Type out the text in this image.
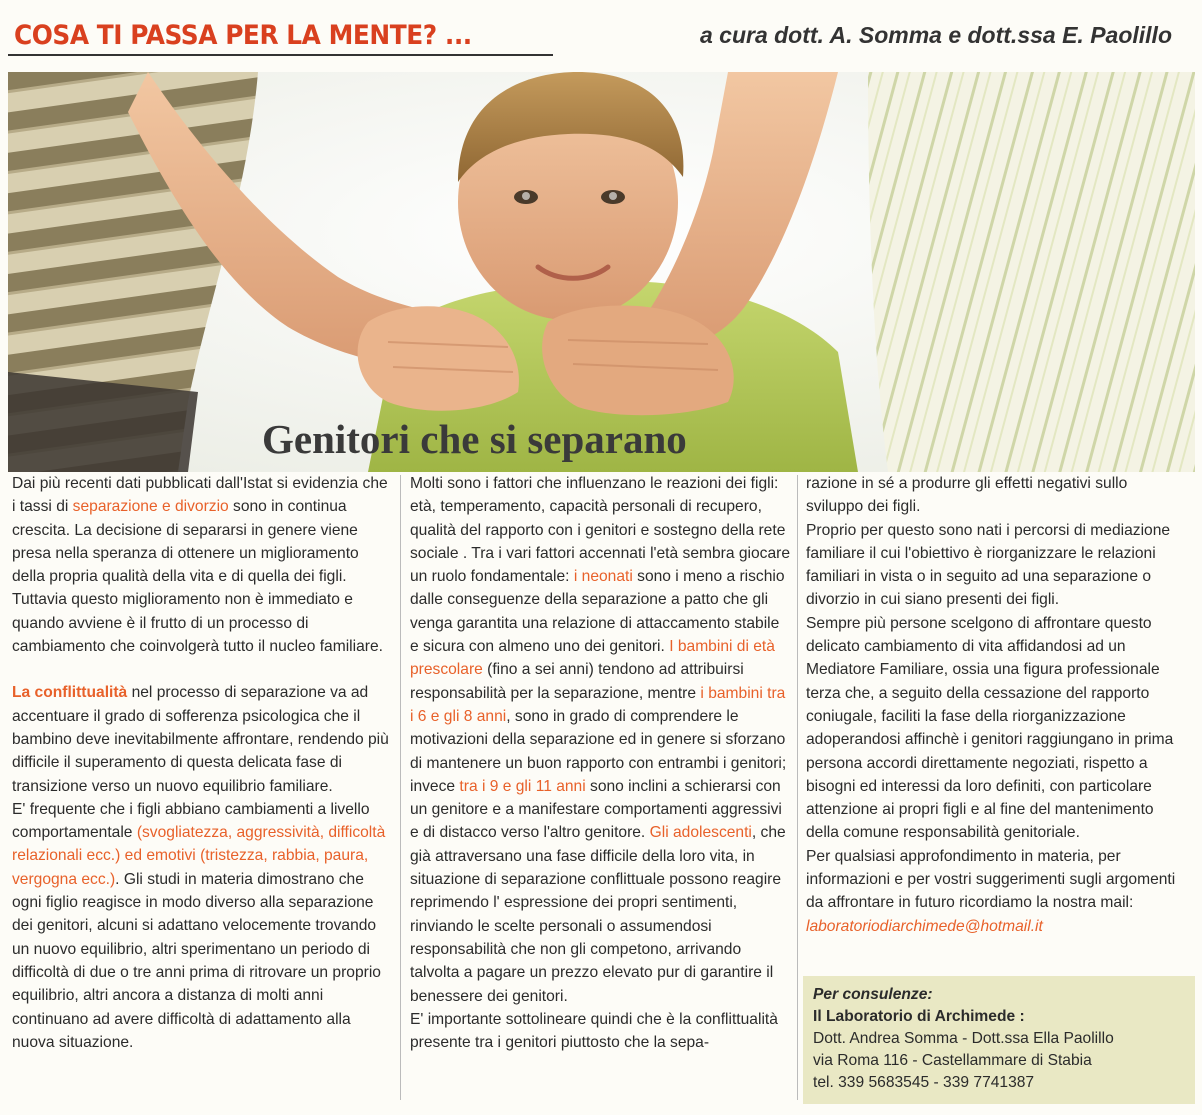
COSA TI PASSA PER LA MENTE? ...	a cura dott. A. Somma e dott.ssa E. Paolillo
Genitori che si separano

Dai più recenti dati pubblicati dall'Istat si evidenzia che i tassi di separazione e divorzio sono in continua crescita. La decisione di separarsi in genere viene presa nella speranza di ottenere un miglioramento della propria qualità della vita e di quella dei figli. Tuttavia questo miglioramento non è immediato e quando avviene è il frutto di un processo di cambiamento che coinvolgerà tutto il nucleo familiare.

La conflittualità nel processo di separazione va ad accentuare il grado di sofferenza psicologica che il bambino deve inevitabilmente affrontare, rendendo più difficile il superamento di questa delicata fase di transizione verso un nuovo equilibrio familiare.

E' frequente che i figli abbiano cambiamenti a livello comportamentale (svogliatezza, aggressività, difficoltà relazionali ecc.) ed emotivi (tristezza, rabbia, paura, vergogna ecc.). Gli studi in materia dimostrano che ogni figlio reagisce in modo diverso alla separazione dei genitori, alcuni si adattano velocemente trovando un nuovo equilibrio, altri sperimentano un periodo di difficoltà di due o tre anni prima di ritrovare un proprio equilibrio, altri ancora a distanza di molti anni continuano ad avere difficoltà di adattamento alla nuova situazione.

Molti sono i fattori che influenzano le reazioni dei figli: età, temperamento, capacità personali di recupero, qualità del rapporto con i genitori e sostegno della rete sociale . Tra i vari fattori accennati l'età sembra giocare un ruolo fondamentale: i neonati sono i meno a rischio dalle conseguenze della separazione a patto che gli venga garantita una relazione di attaccamento stabile e sicura con almeno uno dei genitori. I bambini di età prescolare (fino a sei anni) tendono ad attribuirsi responsabilità per la separazione, mentre i bambini tra i 6 e gli 8 anni, sono in grado di comprendere le motivazioni della separazione ed in genere si sforzano di mantenere un buon rapporto con entrambi i genitori; invece tra i 9 e gli 11 anni sono inclini a schierarsi con un genitore e a manifestare comportamenti aggressivi e di distacco verso l'altro genitore. Gli adolescenti, che già attraversano una fase difficile della loro vita, in situazione di separazione conflittuale possono reagire reprimendo l' espressione dei propri sentimenti, rinviando le scelte personali o assumendosi responsabilità che non gli competono, arrivando talvolta a pagare un prezzo elevato pur di garantire il benessere dei genitori.

E' importante sottolineare quindi che è la conflittualità presente tra i genitori piuttosto che la sepa-

razione in sé a produrre gli effetti negativi sullo sviluppo dei figli.

Proprio per questo sono nati i percorsi di mediazione familiare il cui l'obiettivo è riorganizzare le relazioni familiari in vista o in seguito ad una separazione o divorzio in cui siano presenti dei figli.

Sempre più persone scelgono di affrontare questo delicato cambiamento di vita affidandosi ad un Mediatore Familiare, ossia una figura professionale terza che, a seguito della cessazione del rapporto coniugale, faciliti la fase della riorganizzazione adoperandosi affinchè i genitori raggiungano in prima persona accordi direttamente negoziati, rispetto a bisogni ed interessi da loro definiti, con particolare attenzione ai propri figli e al fine del mantenimento della comune responsabilità genitoriale.

Per qualsiasi approfondimento in materia, per informazioni e per vostri suggerimenti sugli argomenti da affrontare in futuro ricordiamo la nostra mail:

laboratoriodiarchimede@hotmail.it

Per consulenze:
Il Laboratorio di Archimede :
Dott. Andrea Somma - Dott.ssa Ella Paolillo
via Roma 116 - Castellammare di Stabia
tel. 339 5683545 - 339 7741387
